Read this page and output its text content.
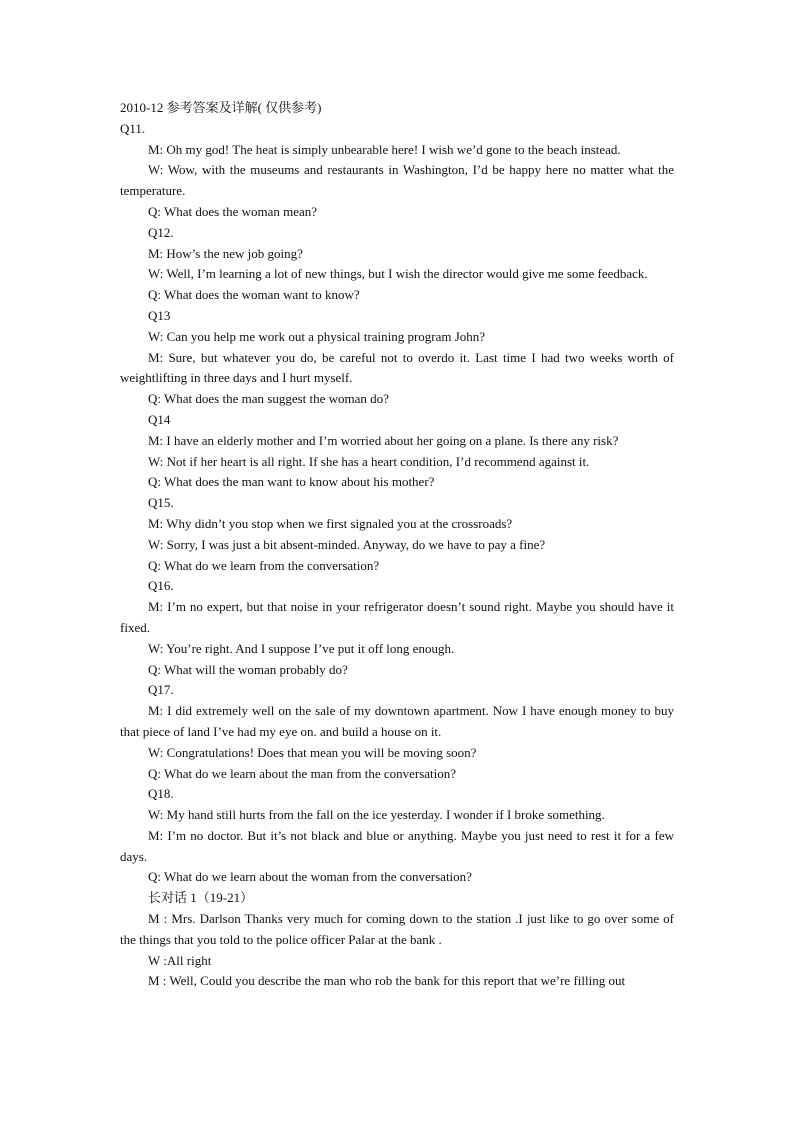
2010-12 参考答案及详解( 仅供参考)

Q11.

M: Oh my god! The heat is simply unbearable here! I wish we’d gone to the beach instead.

W: Wow, with the museums and restaurants in Washington, I’d be happy here no matter what the temperature.

Q: What does the woman mean?

Q12.

M: How’s the new job going?

W: Well, I’m learning a lot of new things, but I wish the director would give me some feedback.

Q: What does the woman want to know?

Q13

W: Can you help me work out a physical training program John?

M: Sure, but whatever you do, be careful not to overdo it. Last time I had two weeks worth of weightlifting in three days and I hurt myself.

Q: What does the man suggest the woman do?

Q14

M: I have an elderly mother and I’m worried about her going on a plane. Is there any risk?

W: Not if her heart is all right. If she has a heart condition, I’d recommend against it.

Q: What does the man want to know about his mother?

Q15.

M: Why didn’t you stop when we first signaled you at the crossroads?

W: Sorry, I was just a bit absent-minded. Anyway, do we have to pay a fine?

Q: What do we learn from the conversation?

Q16.

M: I’m no expert, but that noise in your refrigerator doesn’t sound right. Maybe you should have it fixed.

W: You’re right. And I suppose I’ve put it off long enough.

Q: What will the woman probably do?

Q17.

M: I did extremely well on the sale of my downtown apartment. Now I have enough money to buy that piece of land I’ve had my eye on. and build a house on it.

W: Congratulations! Does that mean you will be moving soon?

Q: What do we learn about the man from the conversation?

Q18.

W: My hand still hurts from the fall on the ice yesterday. I wonder if I broke something.

M: I’m no doctor. But it’s not black and blue or anything. Maybe you just need to rest it for a few days.

Q: What do we learn about the woman from the conversation?

长对话 1（19-21）

M : Mrs. Darlson Thanks very much for coming down to the station .I just like to go over some of the things that you told to the police officer Palar at the bank .

W :All right

M : Well, Could you describe the man who rob the bank for this report that we’re filling out
